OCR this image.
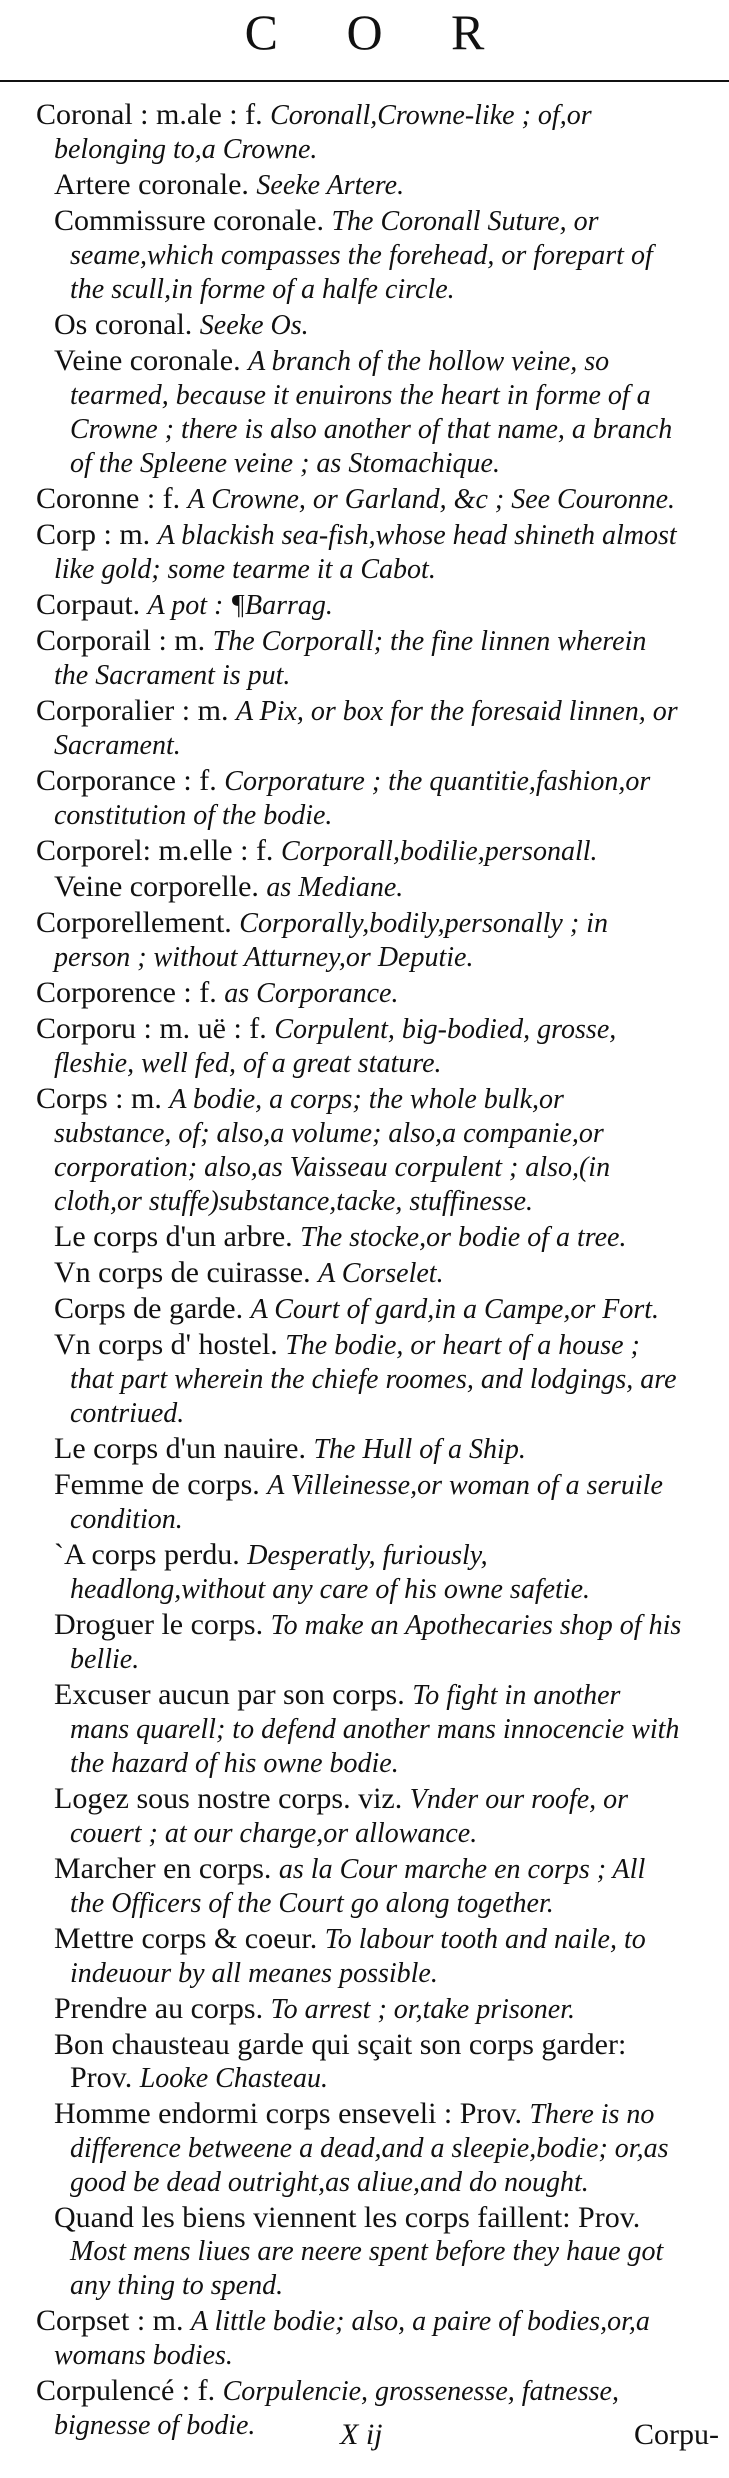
C O R

Coronal : m.ale : f. Coronall,Crowne-like ; of,or belonging to,a Crowne.

Artere coronale. Seeke Artere.

Commissure coronale. The Coronall Suture, or seame,which compasses the forehead, or forepart of the scull,in forme of a halfe circle.

Os coronal. Seeke Os.

Veine coronale. A branch of the hollow veine, so tearmed, because it enuirons the heart in forme of a Crowne ; there is also another of that name, a branch of the Spleene veine ; as Stomachique.

Coronne : f. A Crowne, or Garland, &c ; See Couronne.

Corp : m. A blackish sea-fish,whose head shineth almost like gold; some tearme it a Cabot.

Corpaut. A pot : ¶Barrag.

Corporail : m. The Corporall; the fine linnen wherein the Sacrament is put.

Corporalier : m. A Pix, or box for the foresaid linnen, or Sacrament.

Corporance : f. Corporature ; the quantitie,fashion,or constitution of the bodie.

Corporel: m.elle : f. Corporall,bodilie,personall.

Veine corporelle. as Mediane.

Corporellement. Corporally,bodily,personally ; in person ; without Atturney,or Deputie.

Corporence : f. as Corporance.

Corporu : m. uë : f. Corpulent, big-bodied, grosse, fleshie, well fed, of a great stature.

Corps : m. A bodie, a corps; the whole bulk,or substance, of; also,a volume; also,a companie,or corporation; also,as Vaisseau corpulent ; also,(in cloth,or stuffe)substance,tacke, stuffinesse.

Le corps d'un arbre. The stocke,or bodie of a tree.

Vn corps de cuirasse. A Corselet.

Corps de garde. A Court of gard,in a Campe,or Fort.

Vn corps d' hostel. The bodie, or heart of a house ; that part wherein the chiefe roomes, and lodgings, are contriued.

Le corps d'un nauire. The Hull of a Ship.

Femme de corps. A Villeinesse,or woman of a seruile condition.

`A corps perdu. Desperatly, furiously, headlong,without any care of his owne safetie.

Droguer le corps. To make an Apothecaries shop of his bellie.

Excuser aucun par son corps. To fight in another mans quarell; to defend another mans innocencie with the hazard of his owne bodie.

Logez sous nostre corps. viz. Vnder our roofe, or couert ; at our charge,or allowance.

Marcher en corps. as la Cour marche en corps ; All the Officers of the Court go along together.

Mettre corps & coeur. To labour tooth and naile, to indeuour by all meanes possible.

Prendre au corps. To arrest ; or,take prisoner.

Bon chausteau garde qui sçait son corps garder: Prov. Looke Chasteau.

Homme endormi corps enseveli : Prov. There is no difference betweene a dead,and a sleepie,bodie; or,as good be dead outright,as aliue,and do nought.

Quand les biens viennent les corps faillent: Prov. Most mens liues are neere spent before they haue got any thing to spend.

Corpset : m. A little bodie; also, a paire of bodies,or,a womans bodies.

Corpulencé : f. Corpulencie, grossenesse, fatnesse, bignesse of bodie.	X ij	Corpu-
